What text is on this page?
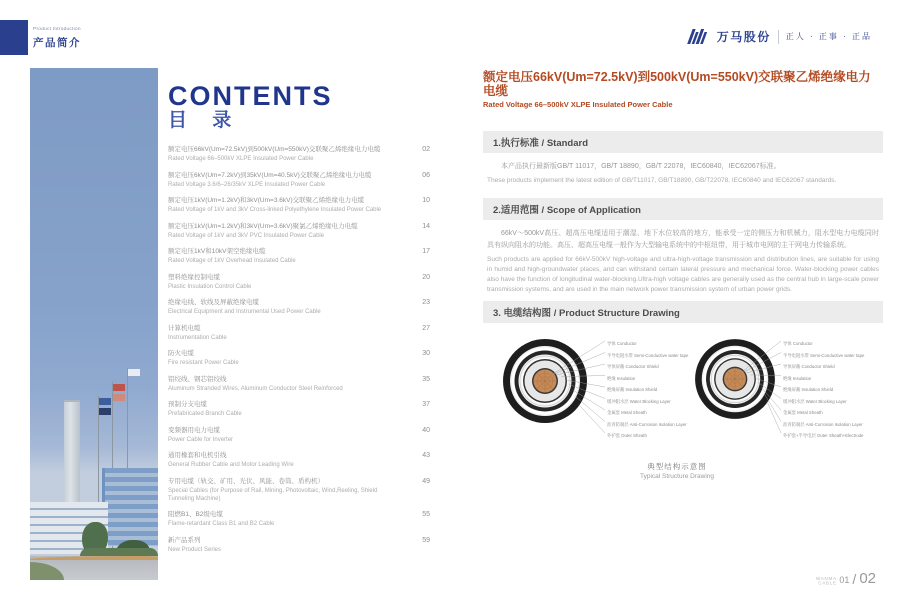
Product Introduction
产品简介	万马股份 正人 · 正事 · 正品
CONTENTS
目 录
额定电压66kV(Um=72.5kV)到500kV(Um=550kV)交联聚乙烯绝缘电力电缆
Rated Voltage 66–500kV XLPE Insulated Power Cable
02
额定电压6kV(Um=7.2kV)到35kV(Um=40.5kV)交联聚乙烯绝缘电力电缆
Rated Voltage 3.6/6–26/35kV XLPE Insulated Power Cable
06
额定电压1kV(Um=1.2kV)和3kV(Um=3.6kV)交联聚乙烯绝缘电力电缆
Rated Voltage of 1kV and 3kV Cross-linked Polyethylene Insulated Power Cable
10
额定电压1kV(Um=1.2kV)和3kV(Um=3.6kV)聚氯乙烯绝缘电力电缆
Rated Voltage of 1kV and 3kV PVC Insulated Power Cable
14
额定电压1kV和10kV架空绝缘电缆
Rated Voltage of 1kV Overhead Insulated Cable
17
塑料绝缘控制电缆
Plastic Insulation Control Cable
20
绝缘电线、软线及屏蔽绝缘电缆
Electrical Equipment and Instrumental Used Power Cable
23
计算机电缆
Instrumentation Cable
27
防火电缆
Fire resistant Power Cable
30
铝绞线、钢芯铝绞线
Aluminum Stranded Wires, Aluminum Conductor Steel Reinforced
35
预制分支电缆
Prefabricated Branch Cable
37
变频器用电力电缆
Power Cable for Inverter
40
通用橡套和电机引线
General Rubber Cable and Motor Leading Wire
43
专用电缆（轨交、矿用、光伏、风能、卷筒、盾构机）
Special Cables (for Purpose of Rail, Mining, Photovoltaic, Wind,Reeling, Shield Tunneling Machine)
49
阻燃B1、B2级电缆
Flame-retardant Class B1 and B2 Cable
55
新产品系列
New Product Series
59
额定电压66kV(Um=72.5kV)到500kV(Um=550kV)交联聚乙烯绝缘电力电缆
Rated Voltage 66–500kV XLPE Insulated Power Cable
1.执行标准 / Standard
本产品执行最新版GB/T 11017，GB/T 18890，GB/T 22078，IEC60840，IEC62067标准。
These products implement the latest edition of GB/T11017, GB/T18890, GB/T22078, IEC60840 and IEC62067 standards.
2.适用范围 / Scope of Application
66kV～500kV高压、超高压电缆适用于潮湿、地下水位较高的地方，能承受一定的侧压力和机械力，阻水型电力电缆同时具有纵向阻水的功能。高压、超高压电缆一般作为大型输电系统中的中枢纽带，用于城市电网的主干网电力传输系统。
Such products are applied for 66kV-500kV high-voltage and ultra-high-voltage transmission and distribution lines, are suitable for using in humid and high-groundwater places, and can withstand certain lateral pressure and mechanical force. Water-blocking power cables also have the function of longitudinal water-blocking.Ultra-high voltage cables are generally used as the central hub in large-scale power transmission systems, and are used in the main network power transmission system of urban power grids.
3. 电缆结构图 / Product Structure Drawing
导体 Conductor
半导电阻水带 Semi-Conductive water tape
导体屏蔽 Conductor Shield
绝缘 Insulation
绝缘屏蔽 Insulation Shield
缓冲阻水层 Water Blocking Layer
金属套 Metal Sheath
沥青防腐层 Anti-Corrosion Isolation Layer
外护套 Outer Sheath
导体 Conductor
半导电阻水带 Semi-Conductive water tape
导体屏蔽 Conductor Shield
绝缘 Insulation
绝缘屏蔽 Insulation Shield
缓冲阻水层 Water Blocking Layer
金属套 Metal Sheath
沥青防腐层 Anti-Corrosion Isolation Layer
外护套+半导电层 Outer Sheath+Electrode
典型结构示意图
Typical Structure Drawing
WANMA
CABLE 01 / 02
